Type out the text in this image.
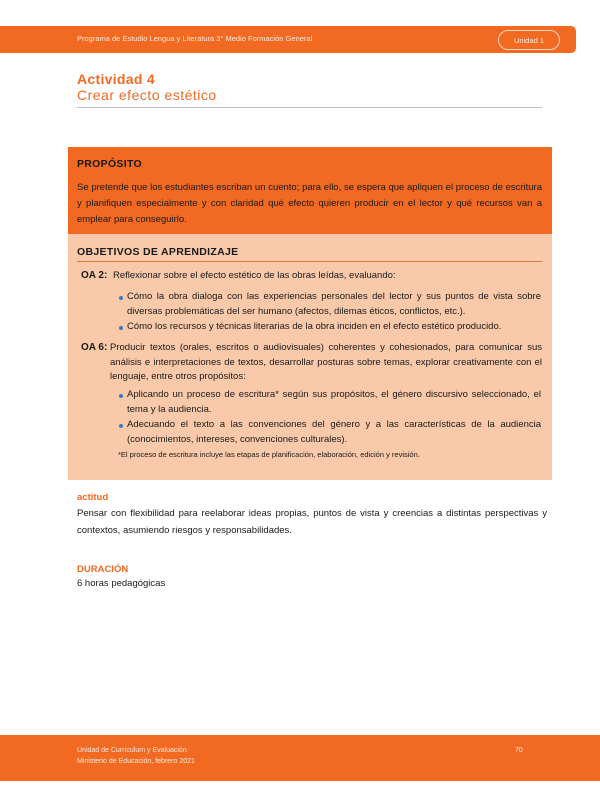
Programa de Estudio Lengua y Literatura 3° Medio Formación General	Unidad 1
Actividad 4
Crear efecto estético
PROPÓSITO
Se pretende que los estudiantes escriban un cuento; para ello, se espera que apliquen el proceso de escritura y planifiquen especialmente y con claridad qué efecto quieren producir en el lector y qué recursos van a emplear para conseguirlo.
OBJETIVOS DE APRENDIZAJE
OA 2: Reflexionar sobre el efecto estético de las obras leídas, evaluando:
Cómo la obra dialoga con las experiencias personales del lector y sus puntos de vista sobre diversas problemáticas del ser humano (afectos, dilemas éticos, conflictos, etc.).
Cómo los recursos y técnicas literarias de la obra inciden en el efecto estético producido.
OA 6: Producir textos (orales, escritos o audiovisuales) coherentes y cohesionados, para comunicar sus análisis e interpretaciones de textos, desarrollar posturas sobre temas, explorar creativamente con el lenguaje, entre otros propósitos:
Aplicando un proceso de escritura* según sus propósitos, el género discursivo seleccionado, el tema y la audiencia.
Adecuando el texto a las convenciones del género y a las características de la audiencia (conocimientos, intereses, convenciones culturales).
*El proceso de escritura incluye las etapas de planificación, elaboración, edición y revisión.
actitud
Pensar con flexibilidad para reelaborar ideas propias, puntos de vista y creencias a distintas perspectivas y contextos, asumiendo riesgos y responsabilidades.
DURACIÓN
6 horas pedagógicas
Unidad de Currículum y Evaluación
Ministerio de Educación, febrero 2021
70
